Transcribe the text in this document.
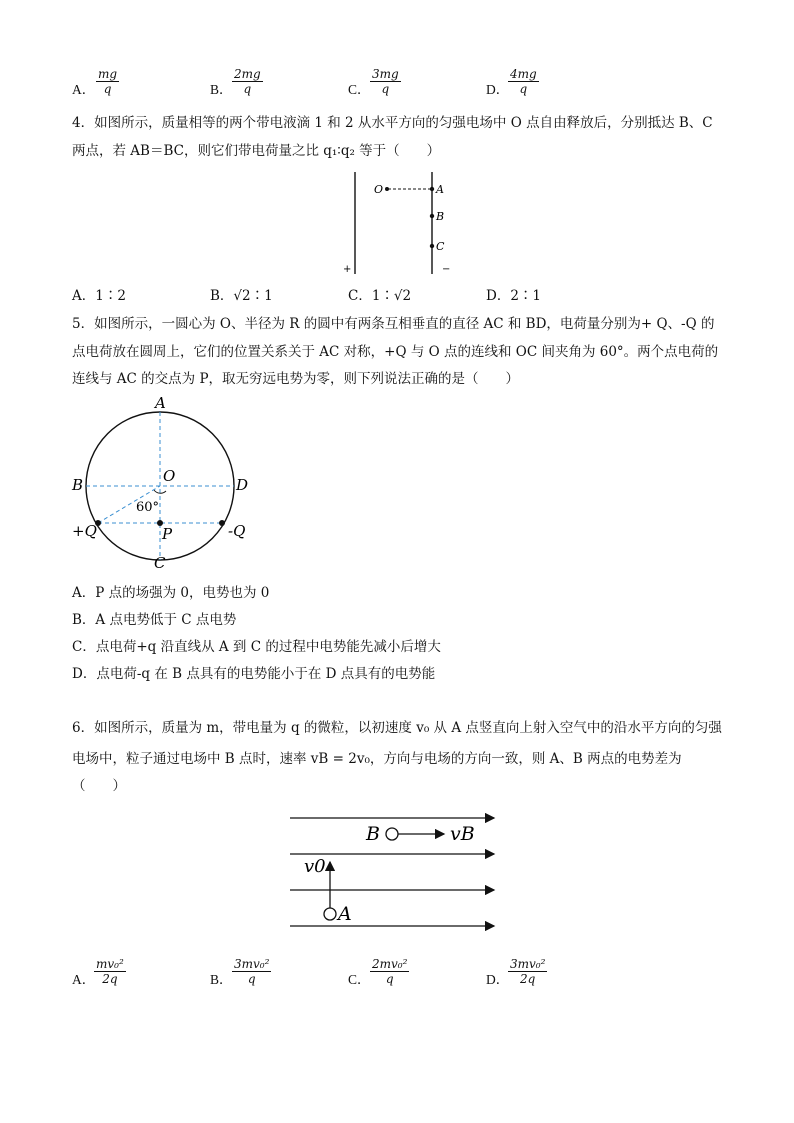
A． $\frac{mg}{q}$	B． $\frac{2mg}{q}$	C． $\frac{3mg}{q}$	D．
$\frac{4mg}{q}$
4．如图所示，质量相等的两个带电液滴 1 和 2 从水平方向的匀强电场中 O 点自由释放后，分别抵达 B、C
两点，若 AB＝BC，则它们带电荷量之比 q₁∶q₂ 等于（　　）
O	A
B
C
+	−
A．1∶2	B．√2∶1	C．1∶√2	D．2∶1
5．如图所示，一圆心为 O、半径为 R 的圆中有两条互相垂直的直径 AC 和 BD，电荷量分别为+ Q、-Q 的
点电荷放在圆周上，它们的位置关系关于 AC 对称，+Q 与 O 点的连线和 OC 间夹角为 60°。两个点电荷的
连线与 AC 的交点为 P，取无穷远电势为零，则下列说法正确的是（　　）
A
B	D
C
O
P
+Q	-Q
60°
A．P 点的场强为 0，电势也为 0
B．A 点电势低于 C 点电势
C．点电荷+q 沿直线从 A 到 C 的过程中电势能先减小后增大
D．点电荷-q 在 B 点具有的电势能小于在 D 点具有的电势能
6．如图所示，质量为 m，带电量为 q 的微粒，以初速度 v₀ 从 A 点竖直向上射入空气中的沿水平方向的匀强
电场中，粒子通过电场中 B 点时，速率 vB = 2v₀，方向与电场的方向一致，则 A、B 两点的电势差为
（　　）
B	vB
v0
A
A．
$\frac{\text{mv₀²}}{2q}$	B． $\frac{\text{3mv₀²}}{q}$	C． $\frac{\text{2mv₀²}}{q}$	D．
$\frac{\text{3mv₀²}}{2q}$
